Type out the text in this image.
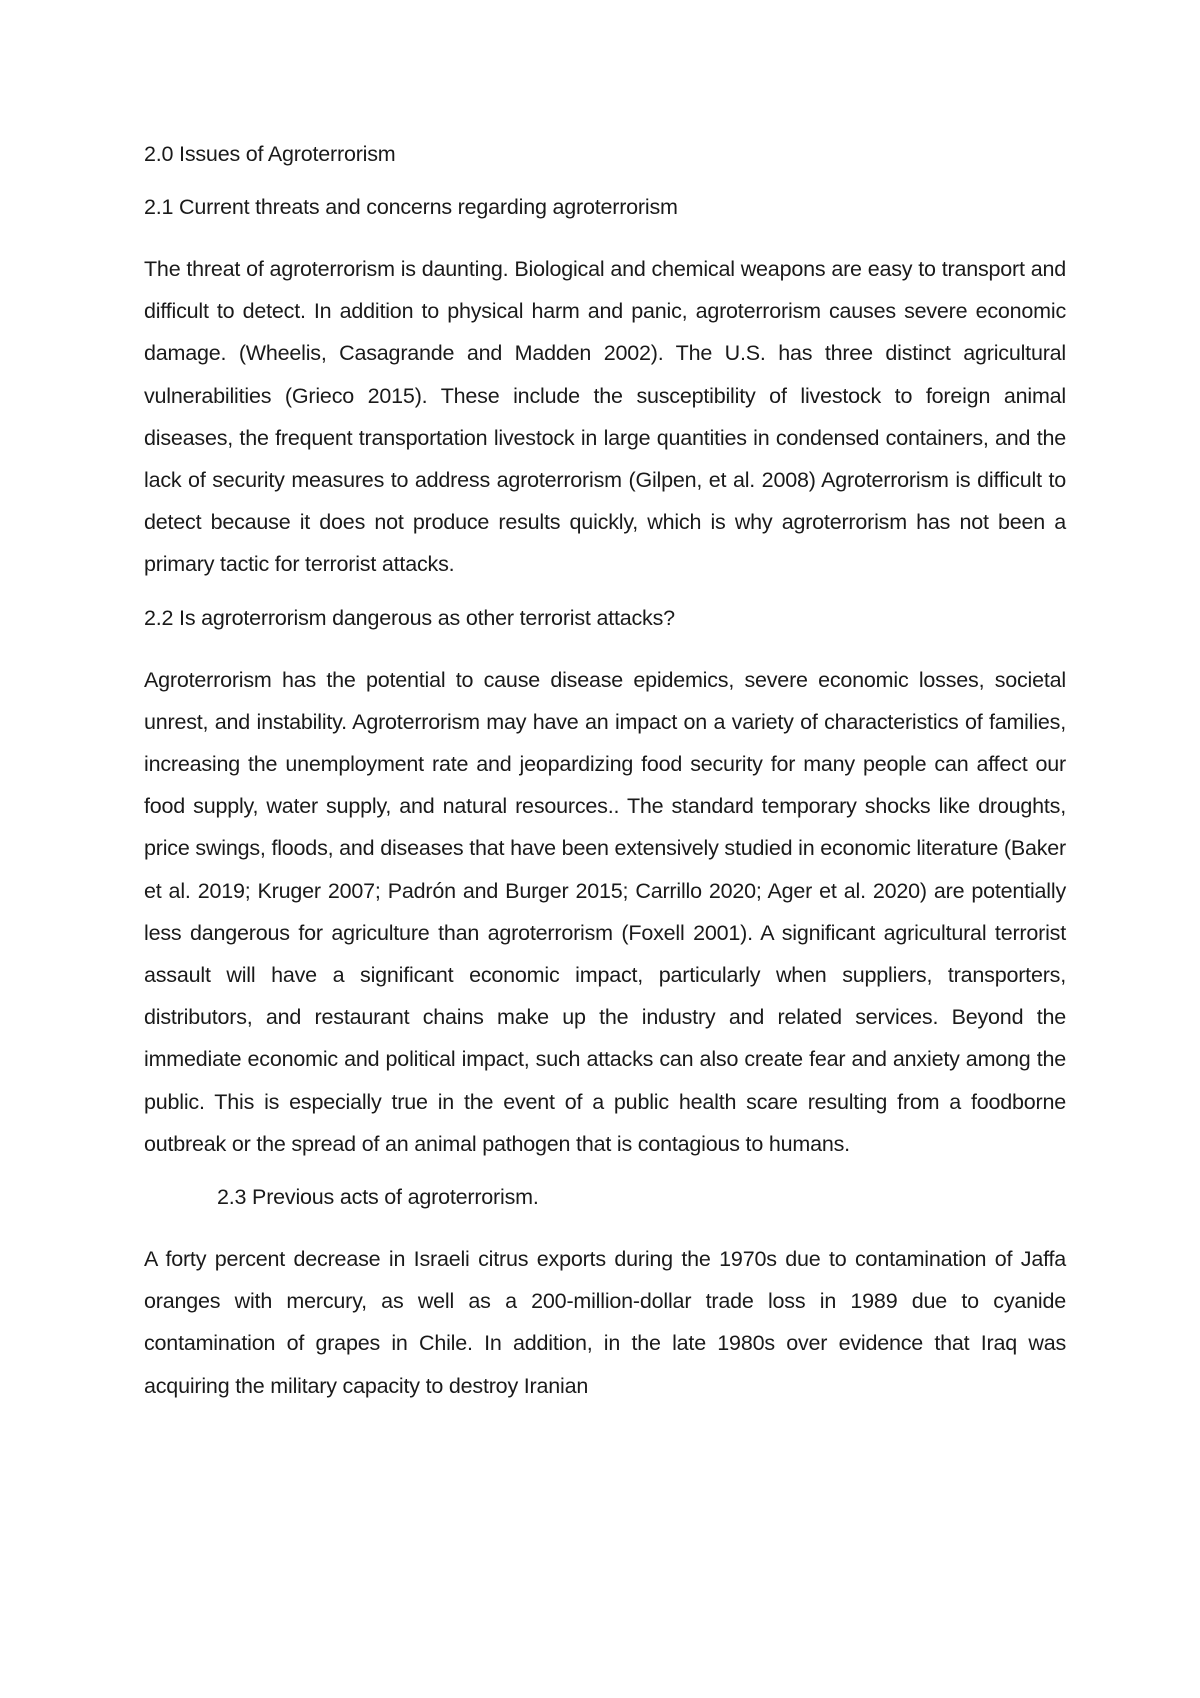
2.0 Issues of Agroterrorism
2.1 Current threats and concerns regarding agroterrorism

The threat of agroterrorism is daunting. Biological and chemical weapons are easy to transport and difficult to detect. In addition to physical harm and panic, agroterrorism causes severe economic damage. (Wheelis, Casagrande and Madden 2002). The U.S. has three distinct agricultural vulnerabilities (Grieco 2015). These include the susceptibility of livestock to foreign animal diseases, the frequent transportation livestock in large quantities in condensed containers, and the lack of security measures to address agroterrorism (Gilpen, et al. 2008) Agroterrorism is difficult to detect because it does not produce results quickly, which is why agroterrorism has not been a primary tactic for terrorist attacks.

2.2 Is agroterrorism dangerous as other terrorist attacks?

Agroterrorism has the potential to cause disease epidemics, severe economic losses, societal unrest, and instability. Agroterrorism may have an impact on a variety of characteristics of families, increasing the unemployment rate and jeopardizing food security for many people can affect our food supply, water supply, and natural resources.. The standard temporary shocks like droughts, price swings, floods, and diseases that have been extensively studied in economic literature (Baker et al. 2019; Kruger 2007; Padrón and Burger 2015; Carrillo 2020; Ager et al. 2020) are potentially less dangerous for agriculture than agroterrorism (Foxell 2001). A significant agricultural terrorist assault will have a significant economic impact, particularly when suppliers, transporters, distributors, and restaurant chains make up the industry and related services. Beyond the immediate economic and political impact, such attacks can also create fear and anxiety among the public. This is especially true in the event of a public health scare resulting from a foodborne outbreak or the spread of an animal pathogen that is contagious to humans.

2.3 Previous acts of agroterrorism.

A forty percent decrease in Israeli citrus exports during the 1970s due to contamination of Jaffa oranges with mercury, as well as a 200-million-dollar trade loss in 1989 due to cyanide contamination of grapes in Chile. In addition, in the late 1980s over evidence that Iraq was acquiring the military capacity to destroy Iranian
